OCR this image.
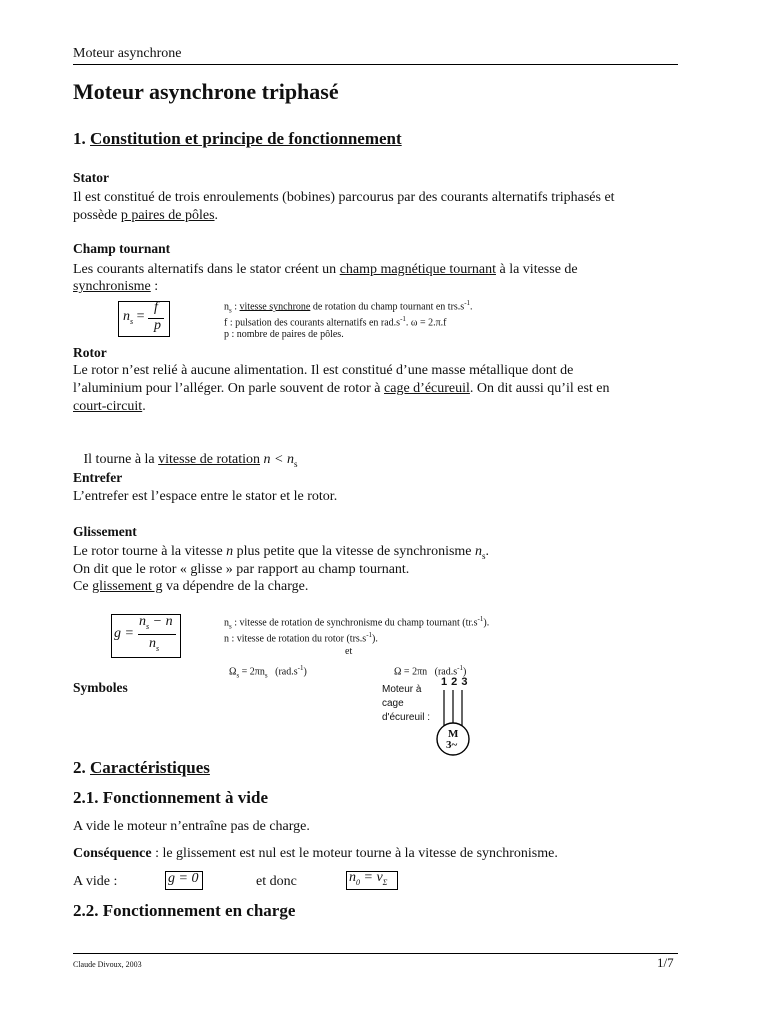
Moteur asynchrone
Moteur asynchrone triphasé
1. Constitution et principe de fonctionnement
Stator
Il est constitué de trois enroulements (bobines) parcourus par des courants alternatifs triphasés et
possède p paires de pôles.
Champ tournant
Les courants alternatifs dans le stator créent un champ magnétique tournant à la vitesse de
synchronisme :
$n_s$ =
f
p
$n_s$ : vitesse synchrone de rotation du champ tournant en $trs.s^{-1}$.
f : pulsation des courants alternatifs en $rad.s^{-1}$. ω = 2.π.f
p : nombre de paires de pôles.
Rotor
Le rotor n’est relié à aucune alimentation. Il est constitué d’une masse métallique dont de
l’aluminium pour l’alléger. On parle souvent de rotor à cage d’écureuil. On dit aussi qu’il est en
court-circuit.

Il tourne à la vitesse de rotation $n < n_s$

Entrefer
L’entrefer est l’espace entre le stator et le rotor.
Glissement
Le rotor tourne à la vitesse n plus petite que la vitesse de synchronisme $n_s$.
On dit que le rotor « glisse » par rapport au champ tournant.
Ce glissement g va dépendre de la charge.
g =
$n_s - n$
$n_s$
$n_s$ : vitesse de rotation de synchronisme du champ tournant $(tr.s^{-1})$.
n : vitesse de rotation du rotor $(trs.s^{-1})$.

$\Omega_s = 2\pi n_s$   $(rad.s^{-1})$

et

Ω = 2πn   $(rad.s^{-1})$

Symboles	Moteur à
cage
d'écureuil :
1 2 3
M
3~
2. Caractéristiques
2.1. Fonctionnement à vide
A vide le moteur n’entraîne pas de charge.
Conséquence : le glissement est nul est le moteur tourne à la vitesse de synchronisme.
A vide :	g = 0	et donc	$n_0 = \nu_\Sigma$
2.2. Fonctionnement en charge
Claude Divoux, 2003	1/7
